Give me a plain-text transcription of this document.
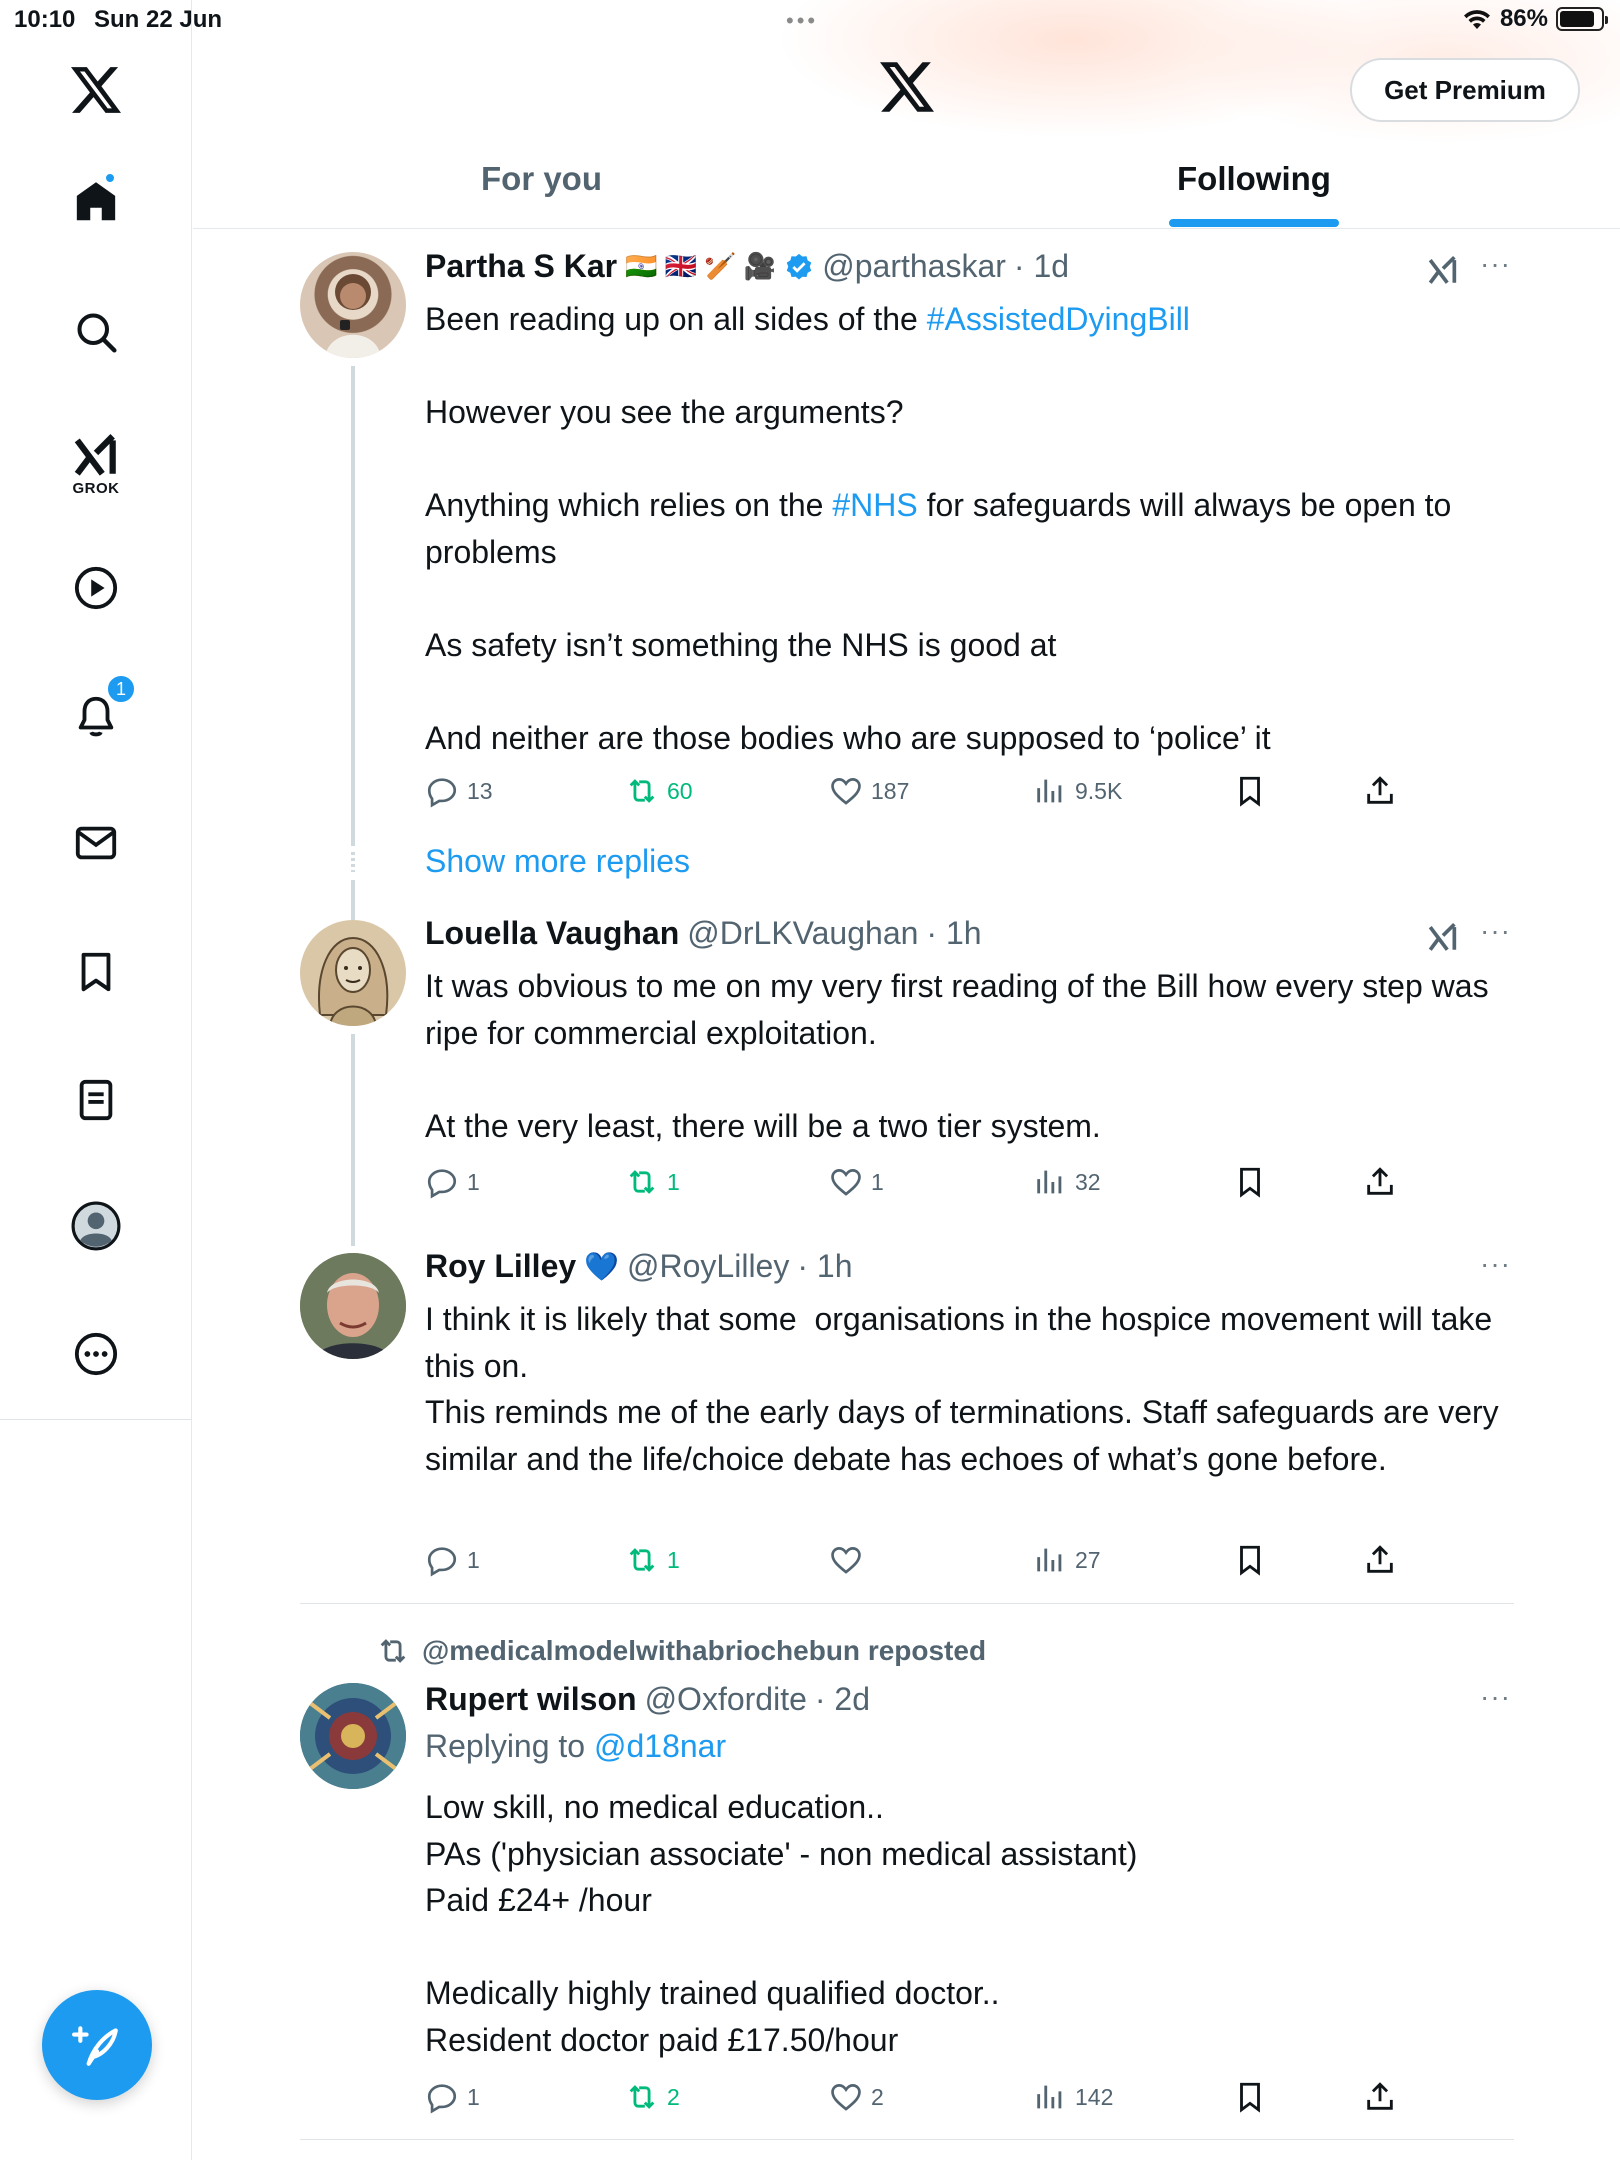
10:10 Sun 22 Jun	•••	86%
GROK
1
Get Premium
For you	Following
Partha S Kar 🇮🇳 🇬🇧 🏏 🎥 @parthaskar · 1d	···
Been reading up on all sides of the #AssistedDyingBill

However you see the arguments?

Anything which relies on the #NHS for safeguards will always be open to problems

As safety isn’t something the NHS is good at

And neither are those bodies who are supposed to ‘police’ it
13	60	187	9.5K
Show more replies
Louella Vaughan @DrLKVaughan · 1h	···
It was obvious to me on my very first reading of the Bill how every step was ripe for commercial exploitation.

At the very least, there will be a two tier system.
1	1	1	32
Roy Lilley 💙 @RoyLilley · 1h	···
I think it is likely that some  organisations in the hospice movement will take this on.
This reminds me of the early days of terminations. Staff safeguards are very similar and the life/choice debate has echoes of what’s gone before.
1	1	27
@medicalmodelwithabriochebun reposted
Rupert wilson @Oxfordite · 2d	···
Replying to @d18nar
Low skill, no medical education..
PAs ('physician associate' - non medical assistant)
Paid £24+ /hour

Medically highly trained qualified doctor..
Resident doctor paid £17.50/hour
1	2	2	142
